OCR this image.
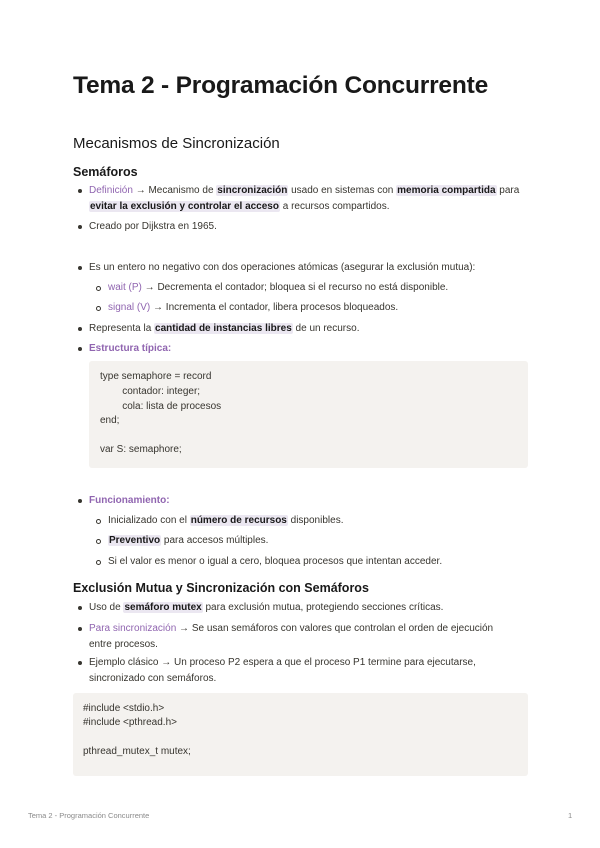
Tema 2 - Programación Concurrente
Mecanismos de Sincronización
Semáforos
Definición → Mecanismo de sincronización usado en sistemas con memoria compartida para
evitar la exclusión y controlar el acceso a recursos compartidos.
Creado por Dijkstra en 1965.
Es un entero no negativo con dos operaciones atómicas (asegurar la exclusión mutua):
wait (P) → Decrementa el contador; bloquea si el recurso no está disponible.
signal (V) → Incrementa el contador, libera procesos bloqueados.
Representa la cantidad de instancias libres de un recurso.
Estructura típica:
type semaphore = record
contador: integer;
cola: lista de procesos
end;
var S: semaphore;
Funcionamiento:
Inicializado con el número de recursos disponibles.
Preventivo para accesos múltiples.
Si el valor es menor o igual a cero, bloquea procesos que intentan acceder.
Exclusión Mutua y Sincronización con Semáforos
Uso de semáforo mutex para exclusión mutua, protegiendo secciones críticas.
Para sincronización → Se usan semáforos con valores que controlan el orden de ejecución
entre procesos.
Ejemplo clásico → Un proceso P2 espera a que el proceso P1 termine para ejecutarse,
sincronizado con semáforos.
#include <stdio.h>
#include <pthread.h>
pthread_mutex_t mutex;
Tema 2 - Programación Concurrente	1
